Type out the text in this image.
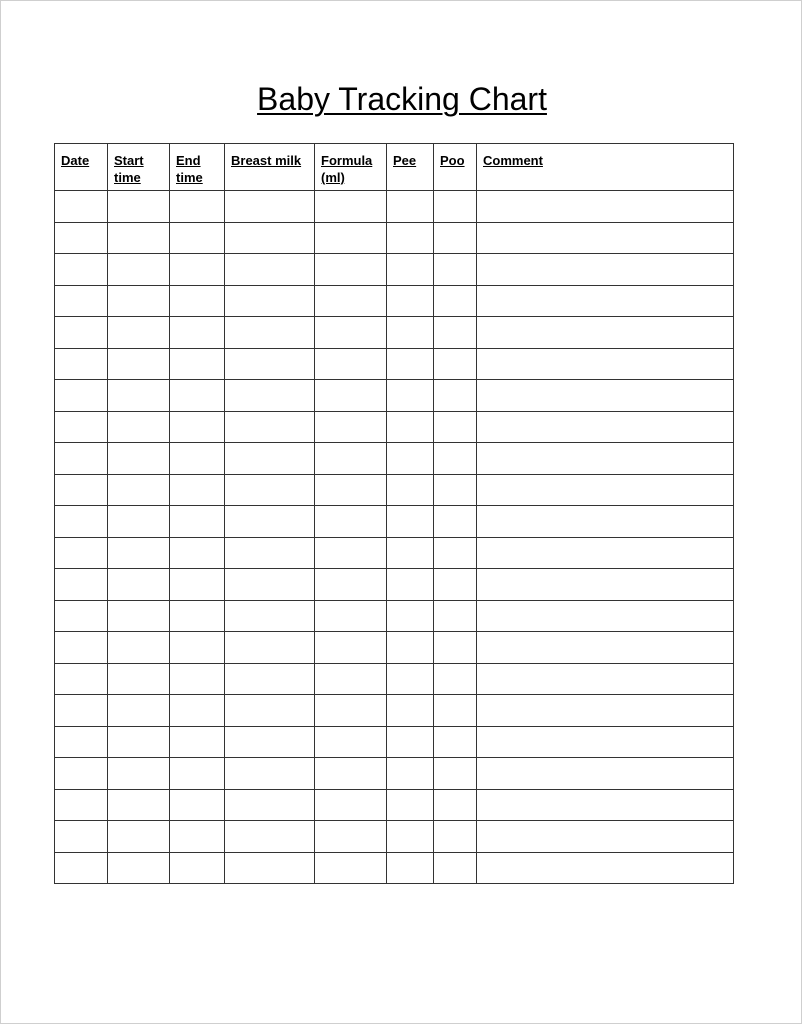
Baby Tracking Chart
Date	Start time	End time	Breast milk	Formula (ml)	Pee	Poo	Comment
